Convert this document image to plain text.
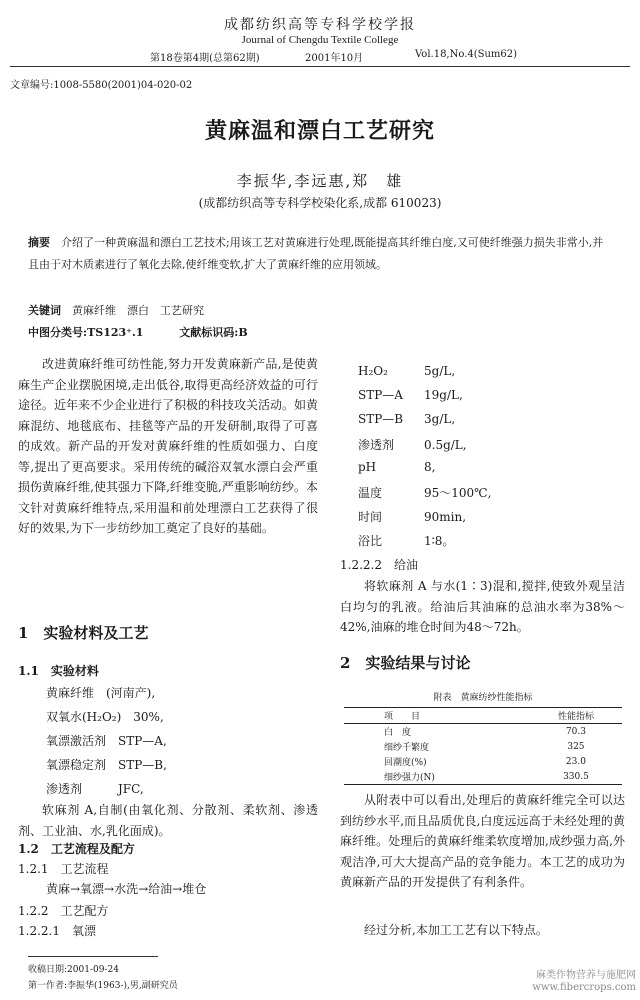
成都纺织高等专科学校学报
Journal of Chengdu Textile College
第18卷第4期(总第62期)	2001年10月	Vol.18,No.4(Sum62)
文章编号:1008-5580(2001)04-020-02
黄麻温和漂白工艺研究
李振华,李远惠,郑　雄
(成都纺织高等专科学校染化系,成都 610023)
摘要　 介绍了一种黄麻温和漂白工艺技术;用该工艺对黄麻进行处理,既能提高其纤维白度,又可使纤维强力损失非常小,并且由于对木质素进行了氧化去除,使纤维变软,扩大了黄麻纤维的应用领域。
关键词　 黄麻纤维　漂白　工艺研究
中图分类号:TS123⁺.1	文献标识码:B

改进黄麻纤维可纺性能,努力开发黄麻新产品,是使黄麻生产企业摆脱困境,走出低谷,取得更高经济效益的可行途径。近年来不少企业进行了积极的科技攻关活动。如黄麻混纺、地毯底布、挂毯等产品的开发研制,取得了可喜的成效。新产品的开发对黄麻纤维的性质如强力、白度等,提出了更高要求。采用传统的碱浴双氧水漂白会严重损伤黄麻纤维,使其强力下降,纤维变脆,严重影响纺纱。本文针对黄麻纤维特点,采用温和前处理漂白工艺获得了很好的效果,为下一步纺纱加工奠定了良好的基础。

1　实验材料及工艺
1.1　实验材料
黄麻纤维　(河南产),
双氧水(H₂O₂)　30%,
氧漂激活剂　STP—A,
氧漂稳定剂　STP—B,
渗透剂　　　JFC,
软麻剂 A,自制(由氧化剂、分散剂、柔软剂、渗透剂、工业油、水,乳化面成)。
1.2　工艺流程及配方
1.2.1　工艺流程
黄麻→氧漂→水洗→给油→堆仓
1.2.2　工艺配方
1.2.2.1　氧漂
H₂O₂	5g/L,
STP—A 19g/L,
STP—B 3g/L,
渗透剂 0.5g/L,
pH	8,
温度	95～100℃,
时间	90min,
浴比	1∶8。
1.2.2.2　给油
将软麻剂 A 与水(1∶3)混和,搅拌,使致外观呈洁白均匀的乳液。给油后其油麻的总油水率为38%～42%,油麻的堆仓时间为48～72h。
2　实验结果与讨论
附表　黄麻纺纱性能指标
项　　目	性能指标
白　度	70.3
细纱千繁度	325
回潮度(%)	23.0
细纱强力(N)	330.5
从附表中可以看出,处理后的黄麻纤维完全可以达到纺纱水平,而且品质优良,白度远远高于未经处理的黄麻纤维。处理后的黄麻纤维柔软度增加,成纱强力高,外观洁净,可大大提高产品的竞争能力。本工艺的成功为黄麻新产品的开发提供了有利条件。
经过分析,本加工工艺有以下特点。
收稿日期:2001-09-24
第一作者:李振华(1963-),男,副研究员
麻类作物营养与施肥网
www.fibercrops.com
